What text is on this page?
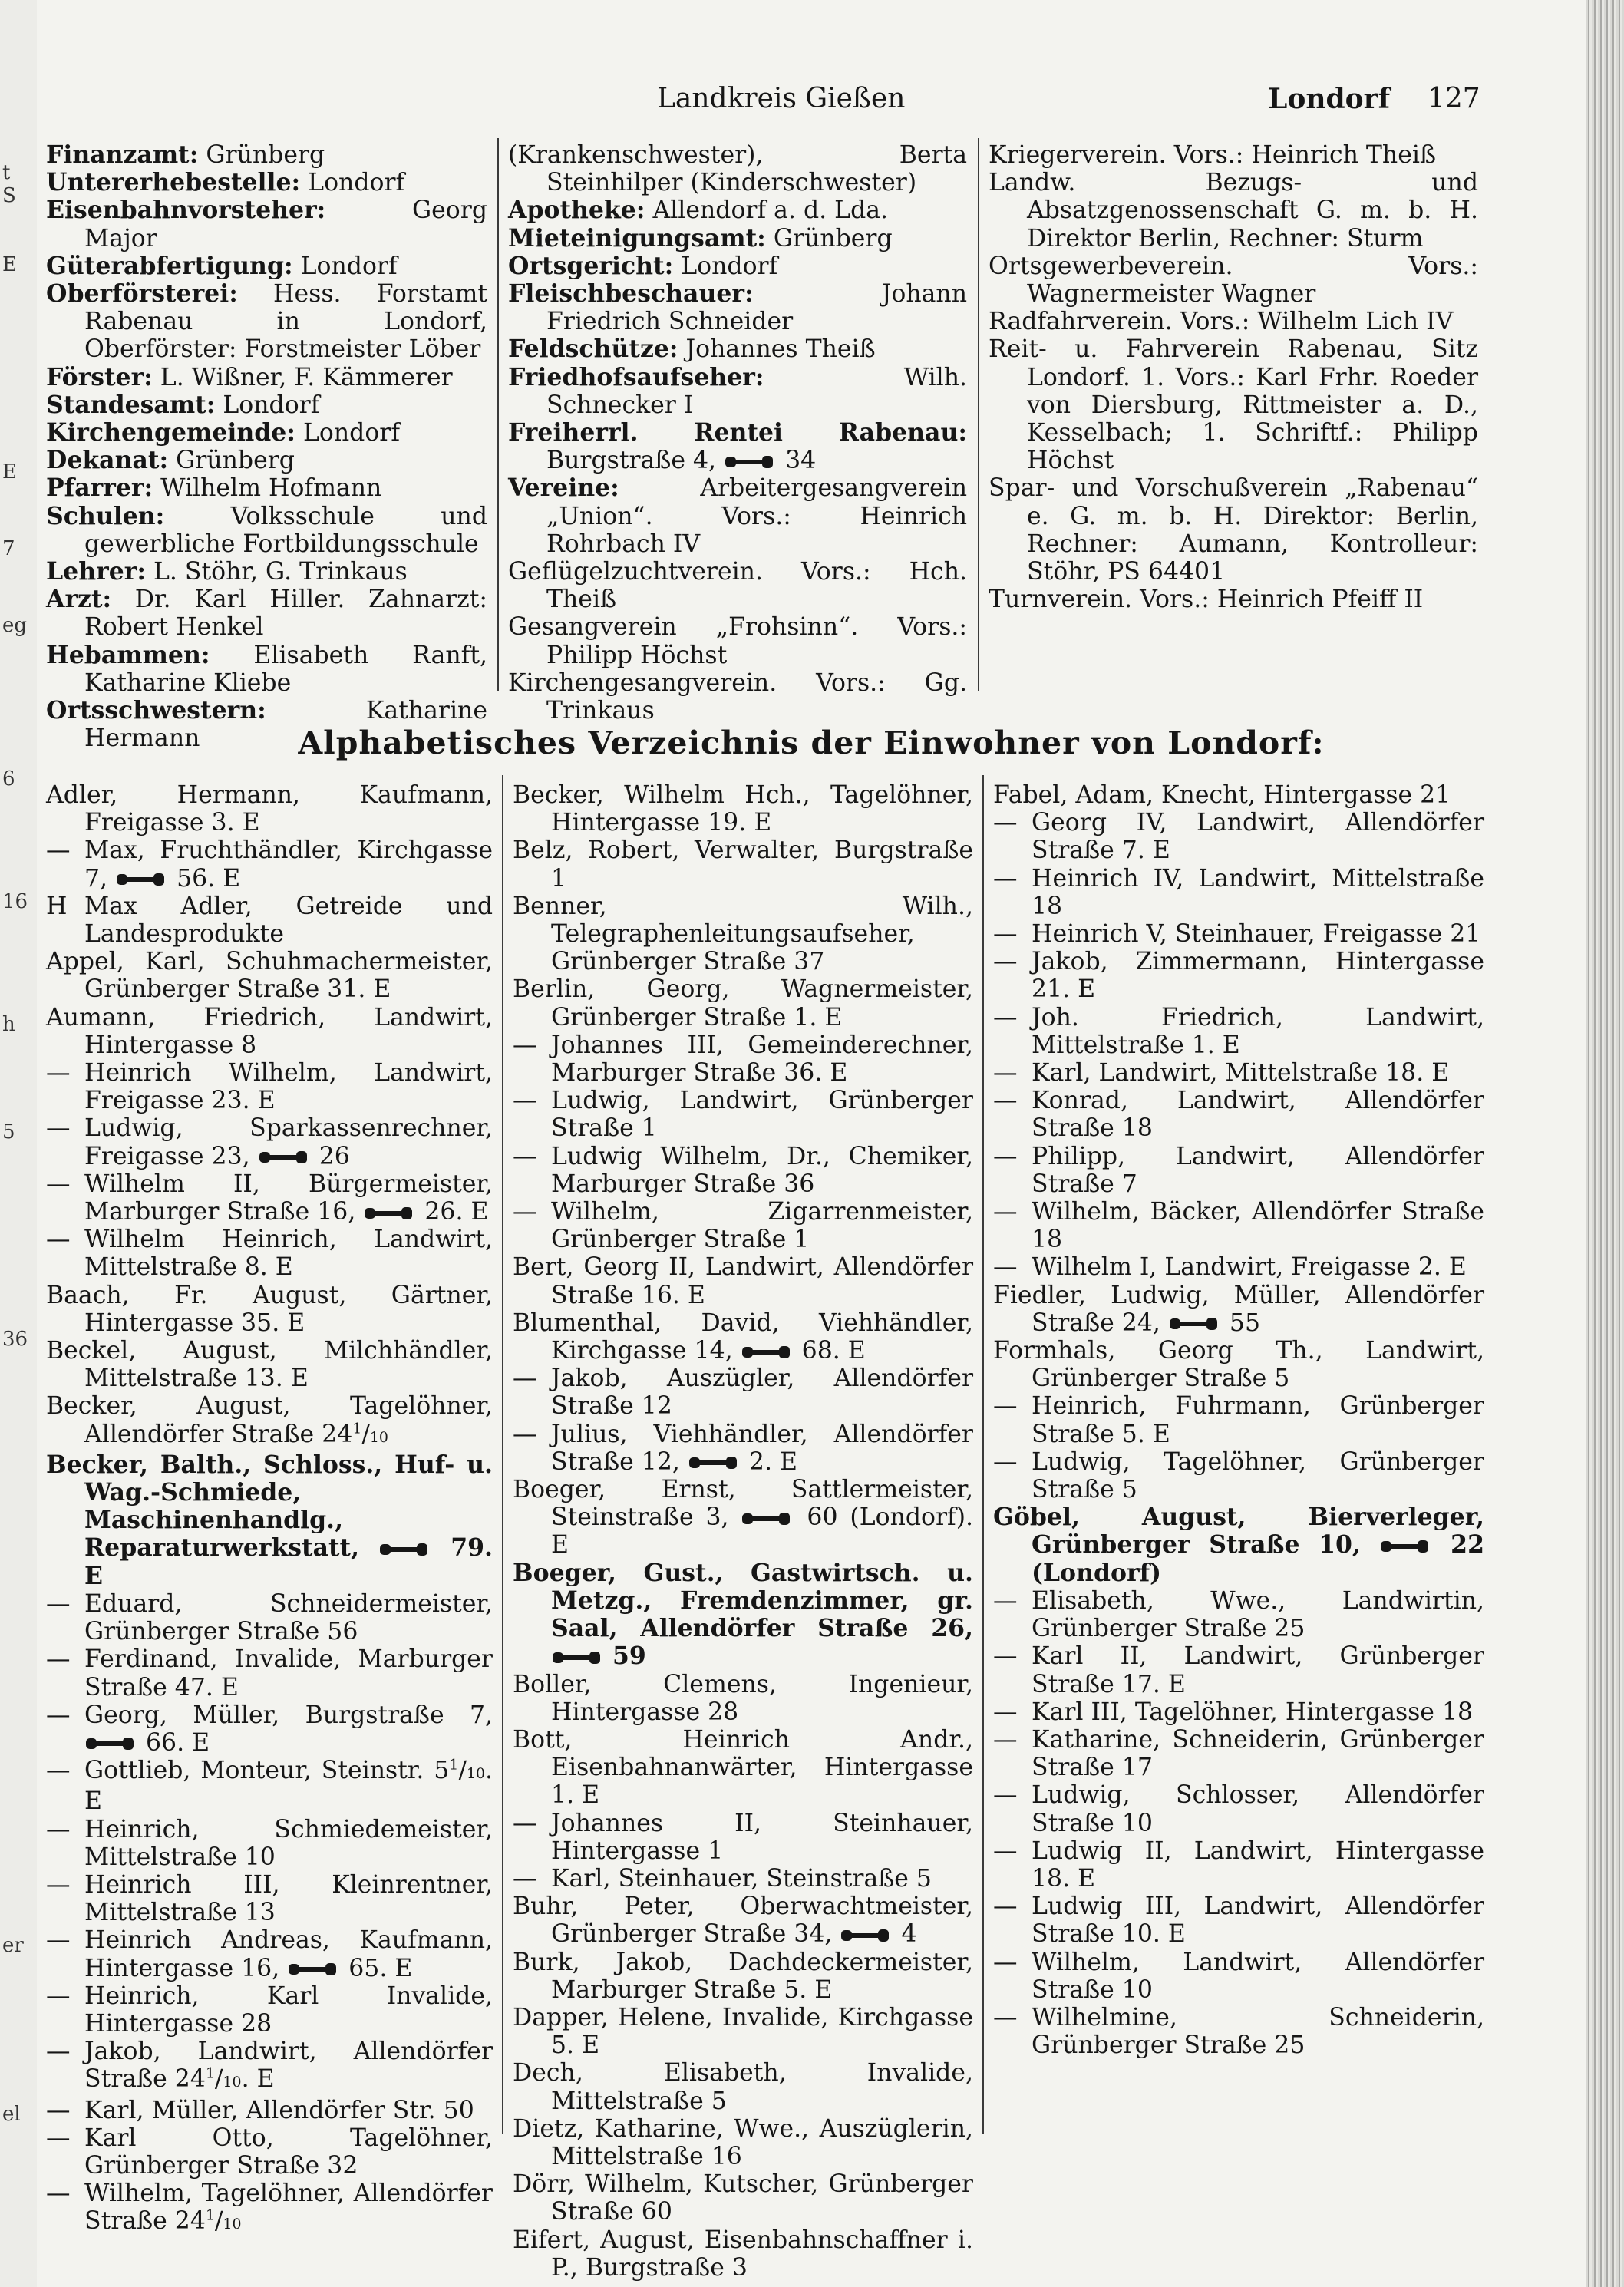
t
S
E
E
7
eg
6
16
h
5
36
er
el
Landkreis Gießen	Londorf 127

Finanzamt: Grünberg

Untererhebestelle: Londorf

Eisenbahnvorsteher: Georg Major

Güterabfertigung: Londorf

Oberförsterei: Hess. Forstamt Rabenau in Londorf, Oberförster: Forstmeister Löber

Förster: L. Wißner, F. Kämmerer

Standesamt: Londorf

Kirchengemeinde: Londorf

Dekanat: Grünberg

Pfarrer: Wilhelm Hofmann

Schulen: Volksschule und gewerbliche Fortbildungsschule

Lehrer: L. Stöhr, G. Trinkaus

Arzt: Dr. Karl Hiller. Zahnarzt: Robert Henkel

Hebammen: Elisabeth Ranft, Katharine Kliebe

Ortsschwestern: Katharine Hermann

(Krankenschwester), Berta Steinhilper (Kinderschwester)

Apotheke: Allendorf a. d. Lda.

Mieteinigungsamt: Grünberg

Ortsgericht: Londorf

Fleischbeschauer: Johann Friedrich Schneider

Feldschütze: Johannes Theiß

Friedhofsaufseher: Wilh. Schnecker I

Freiherrl. Rentei Rabenau: Burgstraße 4,	34

Vereine: Arbeitergesangverein „Union“. Vors.: Heinrich Rohrbach IV

Geflügelzuchtverein. Vors.: Hch. Theiß

Gesangverein „Frohsinn“. Vors.: Philipp Höchst

Kirchengesangverein. Vors.: Gg. Trinkaus

Kriegerverein. Vors.: Heinrich Theiß

Landw. Bezugs- und Absatzgenossenschaft G. m. b. H. Direktor Berlin, Rechner: Sturm

Ortsgewerbeverein. Vors.: Wagnermeister Wagner

Radfahrverein. Vors.: Wilhelm Lich IV

Reit- u. Fahrverein Rabenau, Sitz Londorf. 1. Vors.: Karl Frhr. Roeder von Diersburg, Rittmeister a. D., Kesselbach; 1. Schriftf.: Philipp Höchst

Spar- und Vorschußverein „Rabenau“ e. G. m. b. H. Direktor: Berlin, Rechner: Aumann, Kontrolleur: Stöhr, PS 64401

Turnverein. Vors.: Heinrich Pfeiff II

Alphabetisches Verzeichnis der Einwohner von Londorf:

Adler, Hermann, Kaufmann, Freigasse 3. E

— Max, Fruchthändler, Kirchgasse 7,	56. E

H Max Adler, Getreide und Landesprodukte

Appel, Karl, Schuhmachermeister, Grünberger Straße 31. E

Aumann, Friedrich, Landwirt, Hintergasse 8

— Heinrich Wilhelm, Landwirt, Freigasse 23. E

— Ludwig, Sparkassenrechner, Freigasse 23,	26

— Wilhelm II, Bürgermeister, Marburger Straße 16,	26. E

— Wilhelm Heinrich, Landwirt, Mittelstraße 8. E

Baach, Fr. August, Gärtner, Hintergasse 35. E

Beckel, August, Milchhändler, Mittelstraße 13. E

Becker, August, Tagelöhner, Allendörfer Straße $24^1/10$

Becker, Balth., Schloss., Huf- u. Wag.-Schmiede, Maschinenhandlg., Reparaturwerkstatt,	79. E

— Eduard, Schneidermeister, Grünberger Straße 56

— Ferdinand, Invalide, Marburger Straße 47. E

— Georg, Müller, Burgstraße 7,
66. E

— Gottlieb, Monteur, Steinstr. $5^1/10$. E

— Heinrich, Schmiedemeister, Mittelstraße 10

— Heinrich III, Kleinrentner, Mittelstraße 13

— Heinrich Andreas, Kaufmann, Hintergasse 16,	65. E

— Heinrich, Karl Invalide, Hintergasse 28

— Jakob, Landwirt, Allendörfer Straße $24^1/10$. E

— Karl, Müller, Allendörfer Str. 50

— Karl Otto, Tagelöhner, Grünberger Straße 32

— Wilhelm, Tagelöhner, Allendörfer Straße $24^1/10$

Becker, Wilhelm Hch., Tagelöhner, Hintergasse 19. E

Belz, Robert, Verwalter, Burgstraße 1

Benner, Wilh., Telegraphenleitungsaufseher, Grünberger Straße 37

Berlin, Georg, Wagnermeister, Grünberger Straße 1. E

— Johannes III, Gemeinderechner, Marburger Straße 36. E

— Ludwig, Landwirt, Grünberger Straße 1

— Ludwig Wilhelm, Dr., Chemiker, Marburger Straße 36

— Wilhelm, Zigarrenmeister, Grünberger Straße 1

Bert, Georg II, Landwirt, Allendörfer Straße 16. E

Blumenthal, David, Viehhändler, Kirchgasse 14,	68. E

— Jakob, Auszügler, Allendörfer Straße 12

— Julius, Viehhändler, Allendörfer Straße 12,	2. E

Boeger, Ernst, Sattlermeister, Steinstraße 3,	60 (Londorf). E

Boeger, Gust., Gastwirtsch. u. Metzg., Fremdenzimmer, gr. Saal, Allendörfer Straße 26,
59

Boller, Clemens, Ingenieur, Hintergasse 28

Bott, Heinrich Andr., Eisenbahnanwärter, Hintergasse 1. E

— Johannes II, Steinhauer, Hintergasse 1

— Karl, Steinhauer, Steinstraße 5

Buhr, Peter, Oberwachtmeister, Grünberger Straße 34,	4

Burk, Jakob, Dachdeckermeister, Marburger Straße 5. E

Dapper, Helene, Invalide, Kirchgasse 5. E

Dech, Elisabeth, Invalide, Mittelstraße 5

Dietz, Katharine, Wwe., Auszüglerin, Mittelstraße 16

Dörr, Wilhelm, Kutscher, Grünberger Straße 60

Eifert, August, Eisenbahnschaffner i. P., Burgstraße 3

Fabel, Adam, Knecht, Hintergasse 21

— Georg IV, Landwirt, Allendörfer Straße 7. E

— Heinrich IV, Landwirt, Mittelstraße 18

— Heinrich V, Steinhauer, Freigasse 21

— Jakob, Zimmermann, Hintergasse 21. E

— Joh. Friedrich, Landwirt, Mittelstraße 1. E

— Karl, Landwirt, Mittelstraße 18. E

— Konrad, Landwirt, Allendörfer Straße 18

— Philipp, Landwirt, Allendörfer Straße 7

— Wilhelm, Bäcker, Allendörfer Straße 18

— Wilhelm I, Landwirt, Freigasse 2. E

Fiedler, Ludwig, Müller, Allendörfer Straße 24,	55

Formhals, Georg Th., Landwirt, Grünberger Straße 5

— Heinrich, Fuhrmann, Grünberger Straße 5. E

— Ludwig, Tagelöhner, Grünberger Straße 5

Göbel, August, Bierverleger, Grünberger Straße 10,	22 (Londorf)

— Elisabeth, Wwe., Landwirtin, Grünberger Straße 25

— Karl II, Landwirt, Grünberger Straße 17. E

— Karl III, Tagelöhner, Hintergasse 18

— Katharine, Schneiderin, Grünberger Straße 17

— Ludwig, Schlosser, Allendörfer Straße 10

— Ludwig II, Landwirt, Hintergasse 18. E

— Ludwig III, Landwirt, Allendörfer Straße 10. E

— Wilhelm, Landwirt, Allendörfer Straße 10

— Wilhelmine, Schneiderin, Grünberger Straße 25
